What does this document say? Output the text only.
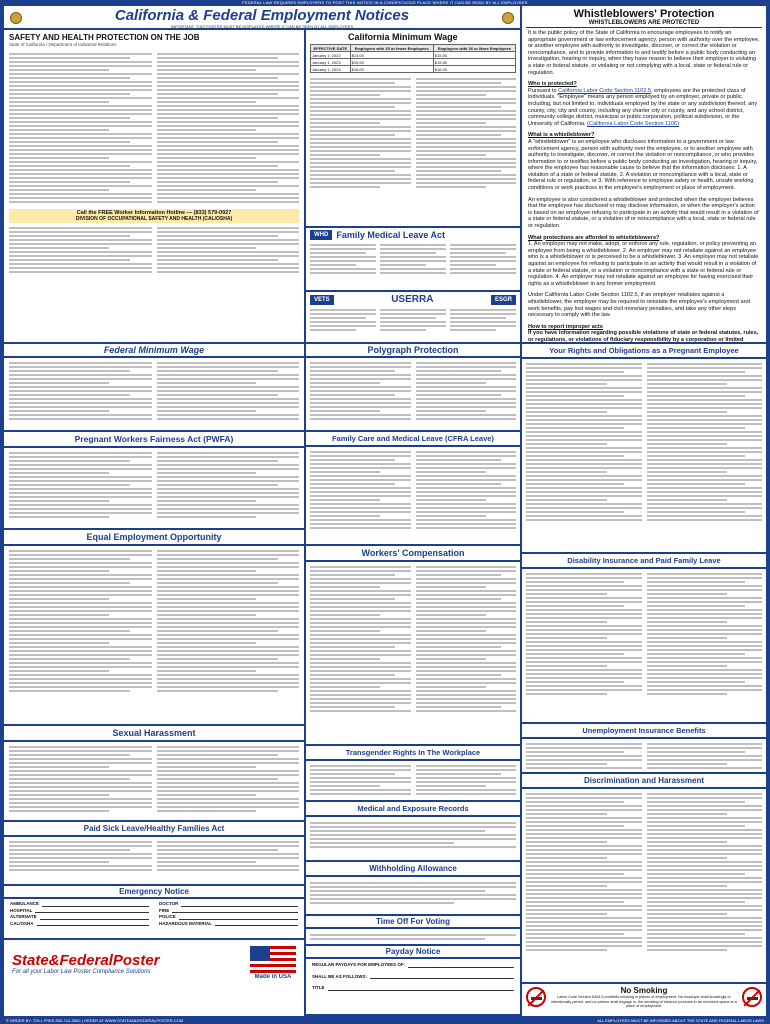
FEDERAL LAW REQUIRES EMPLOYERS TO POST THIS NOTICE IN A CONSPICUOUS PLACE WHERE IT CAN BE READ BY ALL EMPLOYEES
California & Federal Employment Notices
IMPORTANT: THIS POSTER MUST BE DISPLAYED WHERE IT CAN BE SEEN BY ALL EMPLOYEES
SAFETY AND HEALTH PROTECTION ON THE JOB
State of California / Department of Industrial Relations
Call the FREE Worker Information Hotline — (833) 579-0927
DIVISION OF OCCUPATIONAL SAFETY AND HEALTH (CAL/OSHA)
California Minimum Wage
EFFECTIVE DATE	Employers with 25 or fewer Employees	Employers with 26 or More Employees
January 1, 2022	$14.00	$15.00
January 1, 2023	$15.50	$15.50
January 1, 2024	$16.00	$16.00
WHD Family Medical Leave Act
VETS	USERRA	ESGR
Whistleblowers' Protection
WHISTLEBLOWERS ARE PROTECTED

It is the public policy of the State of California to encourage employees to notify an appropriate government or law enforcement agency, person with authority over the employee, or another employee with authority to investigate, discover, or correct the violation or noncompliance, and to provide information to and testify before a public body conducting an investigation, hearing or inquiry, when they have reason to believe their employer is violating a state or federal statute, or violating or not complying with a local, state or federal rule or regulation.

Who is protected?
Pursuant to California Labor Code Section 1102.5, employees are the protected class of individuals. "Employee" means any person employed by an employer, private or public, including, but not limited to, individuals employed by the state or any subdivision thereof, any county, city, city and county, including any charter city or county, and any school district, community college district, municipal or public corporation, political subdivision, or the University of California. (California Labor Code Section 1106)

What is a whistleblower?
A "whistleblower" is an employee who discloses information to a government or law enforcement agency, person with authority over the employee, or to another employee with authority to investigate, discover, or correct the violation or noncompliance, or who provides information to or testifies before a public body conducting an investigation, hearing or inquiry, where the employee has reasonable cause to believe that the information discloses: 1. A violation of a state or federal statute, 2. A violation or noncompliance with a local, state or federal rule or regulation, or 3. With reference to employee safety or health, unsafe working conditions or work practices in the employee's employment or place of employment.

An employee is also considered a whistleblower and protected when the employer believes that the employee has disclosed or may disclose information, or when the employer's action is based on an employee refusing to participate in an activity that would result in a violation of a state or federal statute, or a violation of or noncompliance with a local, state or federal rule or regulation.

What protections are afforded to whistleblowers?
1. An employer may not make, adopt, or enforce any rule, regulation, or policy preventing an employee from being a whistleblower. 2. An employer may not retaliate against an employee who is a whistleblower or is perceived to be a whistleblower. 3. An employer may not retaliate against an employee for refusing to participate in an activity that would result in a violation of a state or federal statute, or a violation or noncompliance with a state or federal rule or regulation. 4. An employer may not retaliate against an employee for having exercised their rights as a whistleblower in any former employment.

Under California Labor Code Section 1102.5, if an employer retaliates against a whistleblower, the employer may be required to reinstate the employee's employment and work benefits, pay lost wages and civil monetary penalties, and take any other steps necessary to comply with the law.

How to report improper acts
If you have information regarding possible violations of state or federal statutes, rules, or regulations, or violations of fiduciary responsibility by a corporation or limited

Federal Minimum Wage	Polygraph Protection	Your Rights and Obligations as a Pregnant Employee
Pregnant Workers Fairness Act (PWFA)	Family Care and Medical Leave (CFRA Leave)
Equal Employment Opportunity
Workers' Compensation
Disability Insurance and Paid Family Leave
Sexual Harassment	Unemployment Insurance Benefits
Transgender Rights In The Workplace
Discrimination and Harassment
Medical and Exposure Records
Paid Sick Leave/Healthy Families Act
Withholding Allowance
Emergency Notice
AMBULANCE	DOCTOR
HOSPITAL	FIRE
ALTERNATE	POLICE
CAL/OSHA	HAZARDOUS MATERIAL	Time Off For Voting
Payday Notice
REGULAR PAYDAYS FOR EMPLOYEES OF:
SHALL BE AS FOLLOWS:
TITLE
State&FederalPoster
For all your Labor Law Poster Compliance Solutions
Made in USA
No Smoking
Labor Code Section 6404.5 prohibits smoking in places of employment. No employer shall knowingly or intentionally permit, and no person shall engage in, the smoking of tobacco products in an enclosed space at a place of employment.
© ORDER BY: TOLL FREE 800-741-3500 | ORDER AT WWW.STATEANDFEDERALPOSTER.COM	ALL EMPLOYEES MUST BE INFORMED ABOUT THE STATE AND FEDERAL LABOR LAWS
